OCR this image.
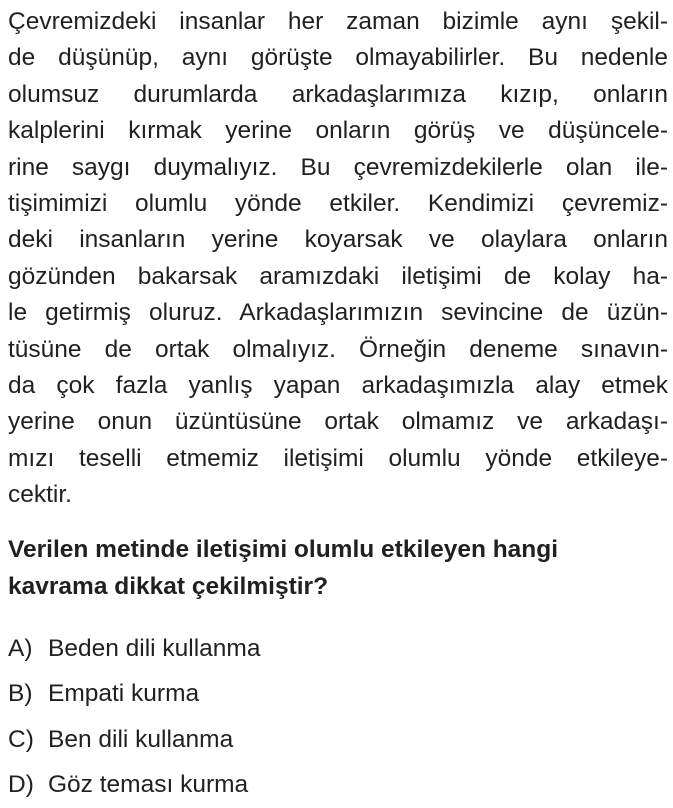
Çevremizdeki insanlar her zaman bizimle aynı şekil-
de düşünüp, aynı görüşte olmayabilirler. Bu nedenle
olumsuz durumlarda arkadaşlarımıza kızıp, onların
kalplerini kırmak yerine onların görüş ve düşüncele-
rine saygı duymalıyız. Bu çevremizdekilerle olan ile-
tişimimizi olumlu yönde etkiler. Kendimizi çevremiz-
deki insanların yerine koyarsak ve olaylara onların
gözünden bakarsak aramızdaki iletişimi de kolay ha-
le getirmiş oluruz. Arkadaşlarımızın sevincine de üzün-
tüsüne de ortak olmalıyız. Örneğin deneme sınavın-
da çok fazla yanlış yapan arkadaşımızla alay etmek
yerine onun üzüntüsüne ortak olmamız ve arkadaşı-
mızı teselli etmemiz iletişimi olumlu yönde etkileye-
cektir.
Verilen metinde iletişimi olumlu etkileyen hangi
kavrama dikkat çekilmiştir?
A) Beden dili kullanma
B) Empati kurma
C) Ben dili kullanma
D) Göz teması kurma
